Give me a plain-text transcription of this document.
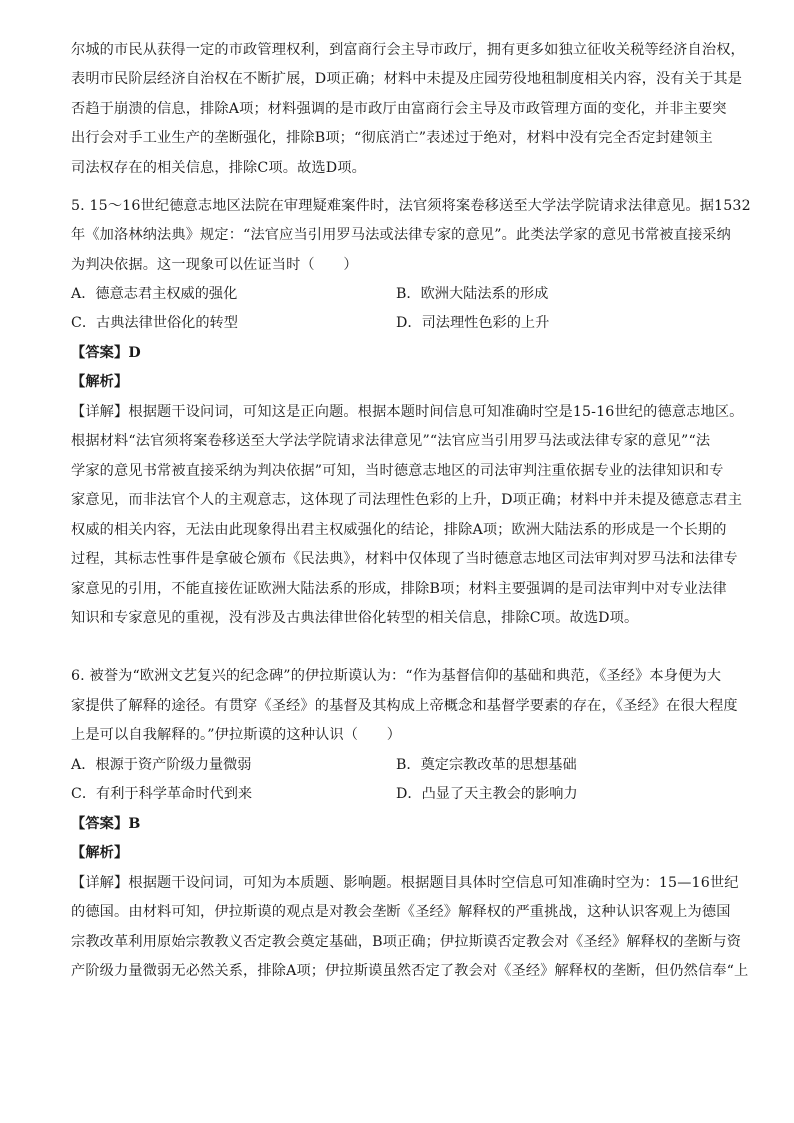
尔城的市民从获得一定的市政管理权利，到富商行会主导市政厅，拥有更多如独立征收关税等经济自治权，
表明市民阶层经济自治权在不断扩展，D项正确；材料中未提及庄园劳役地租制度相关内容，没有关于其是
否趋于崩溃的信息，排除A项；材料强调的是市政厅由富商行会主导及市政管理方面的变化，并非主要突
出行会对手工业生产的垄断强化，排除B项；“彻底消亡”表述过于绝对，材料中没有完全否定封建领主
司法权存在的相关信息，排除C项。故选D项。
5. 15～16世纪德意志地区法院在审理疑难案件时，法官须将案卷移送至大学法学院请求法律意见。据1532
年《加洛林纳法典》规定：“法官应当引用罗马法或法律专家的意见”。此类法学家的意见书常被直接采纳
为判决依据。这一现象可以佐证当时（　　）
A．德意志君主权威的强化	B．欧洲大陆法系的形成
C．古典法律世俗化的转型	D．司法理性色彩的上升
【答案】D
【解析】
【详解】根据题干设问词，可知这是正向题。根据本题时间信息可知准确时空是15-16世纪的德意志地区。
根据材料“法官须将案卷移送至大学法学院请求法律意见”“法官应当引用罗马法或法律专家的意见”“法
学家的意见书常被直接采纳为判决依据”可知，当时德意志地区的司法审判注重依据专业的法律知识和专
家意见，而非法官个人的主观意志，这体现了司法理性色彩的上升，D项正确；材料中并未提及德意志君主
权威的相关内容，无法由此现象得出君主权威强化的结论，排除A项；欧洲大陆法系的形成是一个长期的
过程，其标志性事件是拿破仑颁布《民法典》，材料中仅体现了当时德意志地区司法审判对罗马法和法律专
家意见的引用，不能直接佐证欧洲大陆法系的形成，排除B项；材料主要强调的是司法审判中对专业法律
知识和专家意见的重视，没有涉及古典法律世俗化转型的相关信息，排除C项。故选D项。
6. 被誉为“欧洲文艺复兴的纪念碑”的伊拉斯谟认为：“作为基督信仰的基础和典范，《圣经》本身便为大
家提供了解释的途径。有贯穿《圣经》的基督及其构成上帝概念和基督学要素的存在，《圣经》在很大程度
上是可以自我解释的。”伊拉斯谟的这种认识（　　）
A．根源于资产阶级力量微弱	B．奠定宗教改革的思想基础
C．有利于科学革命时代到来	D．凸显了天主教会的影响力
【答案】B
【解析】
【详解】根据题干设问词，可知为本质题、影响题。根据题目具体时空信息可知准确时空为：15—16世纪
的德国。由材料可知，伊拉斯谟的观点是对教会垄断《圣经》解释权的严重挑战，这种认识客观上为德国
宗教改革利用原始宗教教义否定教会奠定基础，B项正确；伊拉斯谟否定教会对《圣经》解释权的垄断与资
产阶级力量微弱无必然关系，排除A项；伊拉斯谟虽然否定了教会对《圣经》解释权的垄断，但仍然信奉“上
